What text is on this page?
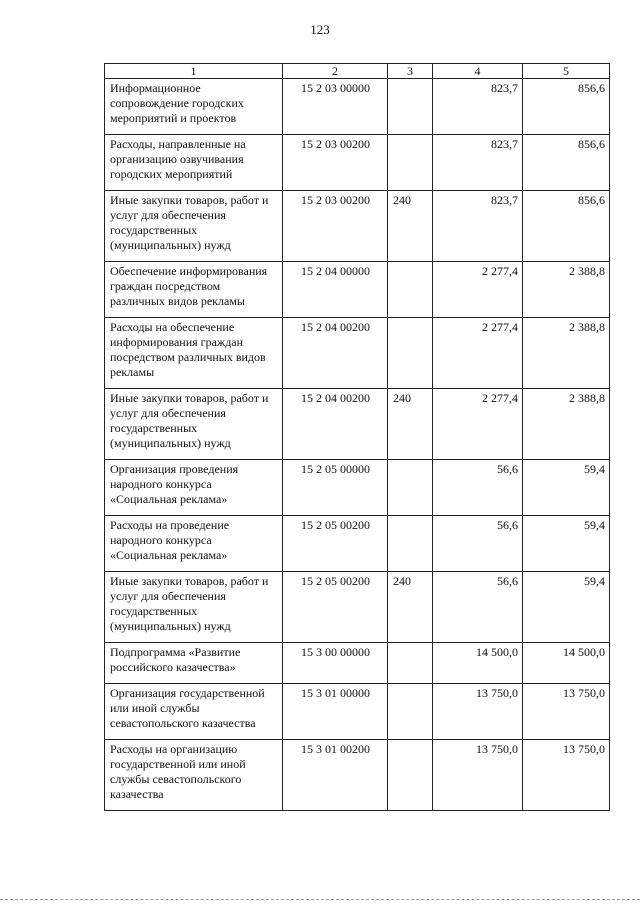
123
1	2	3	4	5
Информационное сопровождение городских мероприятий и проектов	15 2 03 00000		823,7	856,6
Расходы, направленные на организацию озвучивания городских мероприятий	15 2 03 00200		823,7	856,6
Иные закупки товаров, работ и услуг для обеспечения государственных (муниципальных) нужд	15 2 03 00200	240	823,7	856,6
Обеспечение информирования граждан посредством различных видов рекламы	15 2 04 00000		2 277,4	2 388,8
Расходы на обеспечение информирования граждан посредством различных видов рекламы	15 2 04 00200		2 277,4	2 388,8
Иные закупки товаров, работ и услуг для обеспечения государственных (муниципальных) нужд	15 2 04 00200	240	2 277,4	2 388,8
Организация проведения народного конкурса «Социальная реклама»	15 2 05 00000		56,6	59,4
Расходы на проведение народного конкурса «Социальная реклама»	15 2 05 00200		56,6	59,4
Иные закупки товаров, работ и услуг для обеспечения государственных (муниципальных) нужд	15 2 05 00200	240	56,6	59,4
Подпрограмма «Развитие российского казачества»	15 3 00 00000		14 500,0	14 500,0
Организация государственной или иной службы севастопольского казачества	15 3 01 00000		13 750,0	13 750,0
Расходы на организацию государственной или иной службы севастопольского казачества	15 3 01 00200		13 750,0	13 750,0
